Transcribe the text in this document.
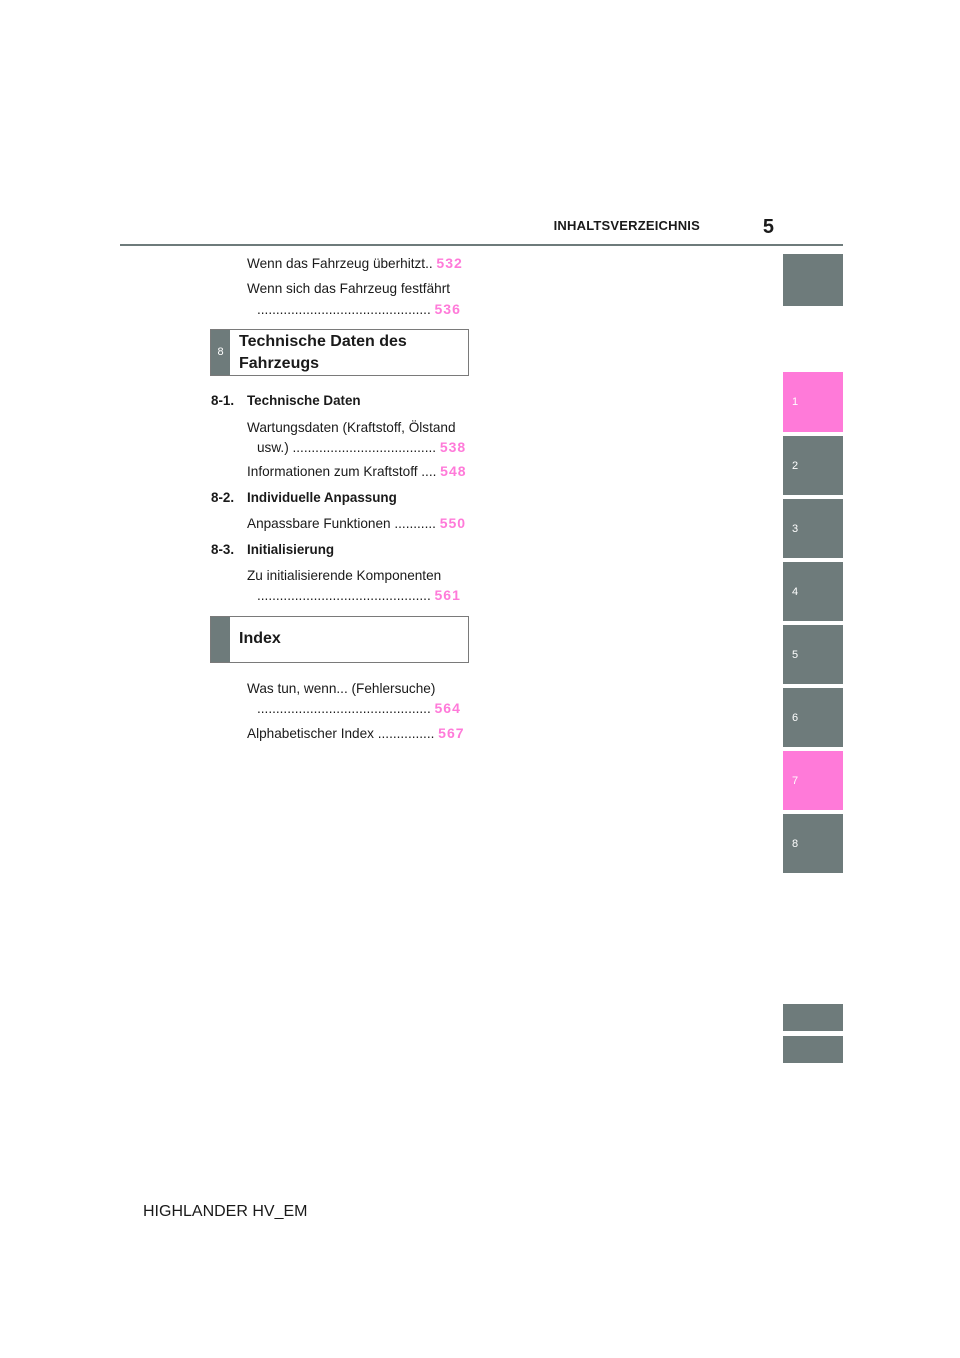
INHALTSVERZEICHNIS	5
Wenn das Fahrzeug überhitzt.. 532
Wenn sich das Fahrzeug festfährt
.............................................. 536
8
Technische Daten des
Fahrzeugs
8-1. Technische Daten
Wartungsdaten (Kraftstoff, Ölstand
usw.) ...................................... 538
Informationen zum Kraftstoff .... 548
8-2. Individuelle Anpassung
Anpassbare Funktionen ........... 550
8-3. Initialisierung
Zu initialisierende Komponenten
.............................................. 561
Index
Was tun, wenn... (Fehlersuche)
.............................................. 564
Alphabetischer Index ............... 567
1
2
3
4
5
6
7
8
HIGHLANDER HV_EM
